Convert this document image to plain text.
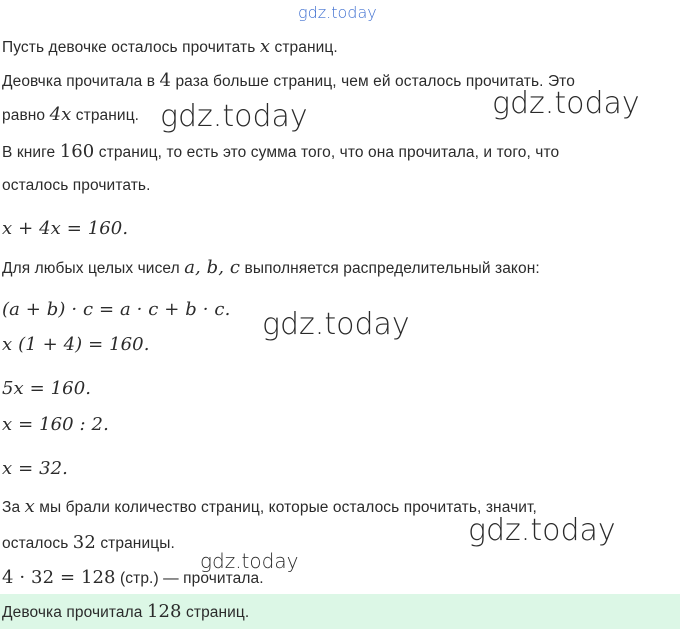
gdz.today
Пусть девочке осталось прочитать x страниц.
Деовчка прочитала в 4 раза больше страниц, чем ей осталось прочитать. Это
равно 4x страниц. gdz.today	gdz.today
В книге 160 страниц, то есть это сумма того, что она прочитала, и того, что
осталось прочитать.
x + 4x = 160.
Для любых целых чисел a, b, c выполняется распределительный закон:
(a + b) · c = a · c + b · c. gdz.today
x (1 + 4) = 160.
5x = 160.
x = 160 : 2.
x = 32.
За x мы брали количество страниц, которые осталось прочитать, значит,
gdz.today
осталось 32 страницы.
gdz.today
4 · 32 = 128 (стр.) — прочитала.
Девочка прочитала 128 страниц.
